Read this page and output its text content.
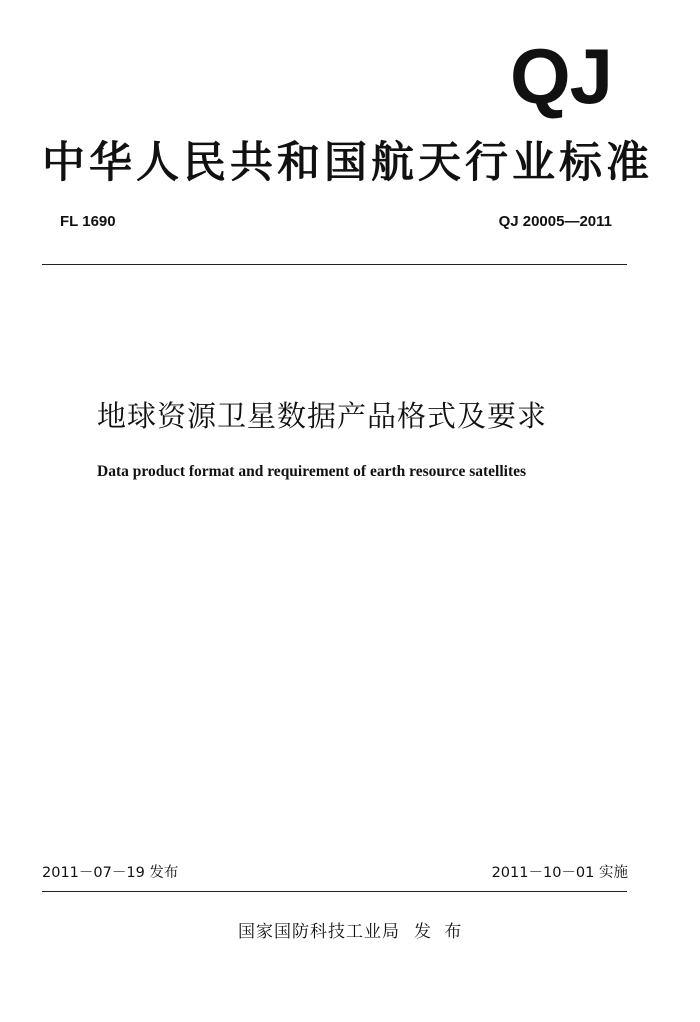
QJ
中华人民共和国航天行业标准
FL 1690	QJ 20005—2011
地球资源卫星数据产品格式及要求
Data product format and requirement of earth resource satellites
2011－07－19 发布	2011－10－01 实施
国家国防科技工业局 发 布
